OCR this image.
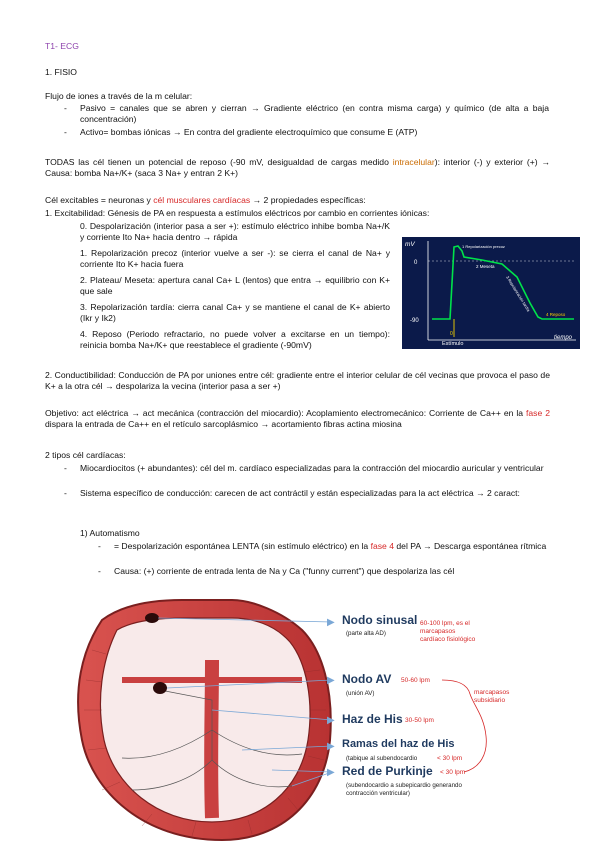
T1- ECG
1. FISIO
Flujo de iones a través de la m celular:
-	Pasivo = canales que se abren y cierran → Gradiente eléctrico (en contra misma carga) y químico (de alta a baja concentración)
-	Activo= bombas iónicas → En contra del gradiente electroquímico que consume E (ATP)
TODAS las cél tienen un potencial de reposo (-90 mV, desigualdad de cargas medido intracelular): interior (-) y exterior (+) → Causa: bomba Na+/K+ (saca 3 Na+ y entran 2 K+)
Cél excitables = neuronas y cél musculares cardíacas → 2 propiedades específicas:
1. Excitabilidad: Génesis de PA en respuesta a estímulos eléctricos por cambio en corrientes iónicas:
0. Despolarización (interior pasa a ser +): estímulo eléctrico inhibe bomba Na+/K y corriente Ito Na+ hacia dentro → rápida
1. Repolarización precoz (interior vuelve a ser -): se cierra el canal de Na+ y corriente Ito K+ hacia fuera
2. Plateau/ Meseta: apertura canal Ca+ L (lentos) que entra → equilibrio con K+ que sale
3. Repolarización tardía: cierra canal Ca+ y se mantiene el canal de K+ abierto (Ikr y Ik2)
4. Reposo (Periodo refractario, no puede volver a excitarse en un tiempo): reinicia bomba Na+/K+ que reestablece el gradiente (-90mV)
mV
0
-90
0
1 Repolarización precoz
2 Meseta
3 Repolarización tardía
4 Reposo
Estímulo
tiempo
2. Conductibilidad: Conducción de PA por uniones entre cél: gradiente entre el interior celular de cél vecinas que provoca el paso de K+ a la otra cél → despolariza la vecina (interior pasa a ser +)
Objetivo: act eléctrica → act mecánica (contracción del miocardio): Acoplamiento electromecánico: Corriente de Ca++ en la fase 2 dispara la entrada de Ca++ en el retículo sarcoplásmico → acortamiento fibras actina miosina
2 tipos cél cardíacas:
-	Miocardiocitos (+ abundantes): cél del m. cardíaco especializadas para la contracción del miocardio auricular y ventricular
-	Sistema específico de conducción: carecen de act contráctil y están especializadas para la act eléctrica → 2 caract:
1) Automatismo
-	= Despolarización espontánea LENTA (sin estímulo eléctrico) en la fase 4 del PA → Descarga espontánea rítmica
-	Causa: (+) corriente de entrada lenta de Na y Ca ("funny current") que despolariza las cél
▶
▶
▶
▶
▶
Nodo sinusal
(parte alta AD)
60-100 lpm, es el marcapasos cardíaco fisiológico
Nodo AV
(unión AV)
50-60 lpm
Haz de His 30-50 lpm
Ramas del haz de His
(tabique al subendocardio	< 30 lpm
Red de Purkinje
(subendocardio a subepicardio generando contracción ventricular)
< 30 lpm
marcapasos subsidiario
